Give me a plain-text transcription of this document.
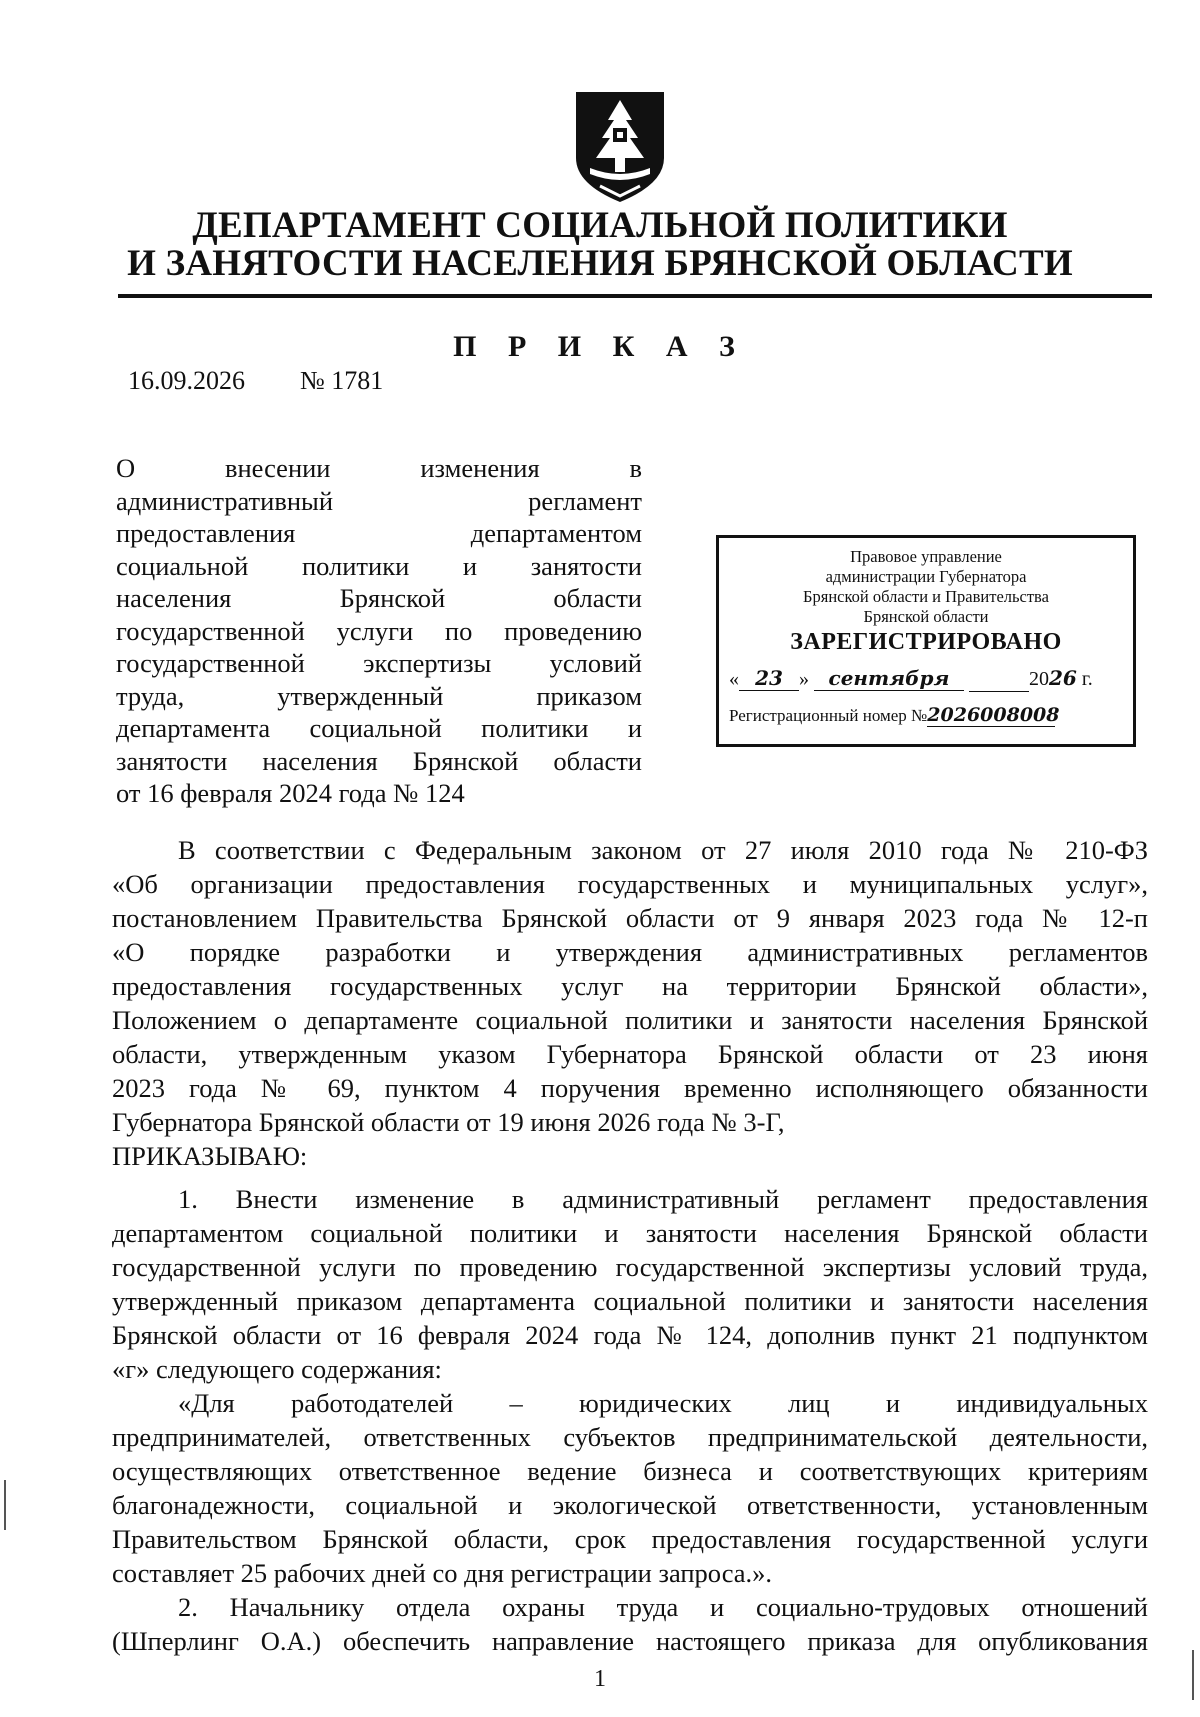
ДЕПАРТАМЕНТ СОЦИАЛЬНОЙ ПОЛИТИКИ
И ЗАНЯТОСТИ НАСЕЛЕНИЯ БРЯНСКОЙ ОБЛАСТИ
П Р И К А З
16.09.2026 № 1781
О внесении изменения в
административный регламент
предоставления департаментом
социальной политики и занятости
населения Брянской области
государственной услуги по проведению
государственной экспертизы условий
труда, утвержденный приказом
департамента социальной политики и
занятости населения Брянской области
от 16 февраля 2024 года № 124
Правовое управление
администрации Губернатора
Брянской области и Правительства
Брянской области
ЗАРЕГИСТРИРОВАНО
« 23 » сентября	2026 г.
Регистрационный номер №2026008008
В соответствии с Федеральным законом от 27 июля 2010 года № 210-ФЗ
«Об организации предоставления государственных и муниципальных услуг»,
постановлением Правительства Брянской области от 9 января 2023 года № 12-п
«О порядке разработки и утверждения административных регламентов
предоставления государственных услуг на территории Брянской области»,
Положением о департаменте социальной политики и занятости населения Брянской
области, утвержденным указом Губернатора Брянской области от 23 июня
2023 года № 69, пунктом 4 поручения временно исполняющего обязанности
Губернатора Брянской области от 19 июня 2026 года № 3-Г,
ПРИКАЗЫВАЮ:
1. Внести изменение в административный регламент предоставления
департаментом социальной политики и занятости населения Брянской области
государственной услуги по проведению государственной экспертизы условий труда,
утвержденный приказом департамента социальной политики и занятости населения
Брянской области от 16 февраля 2024 года № 124, дополнив пункт 21 подпунктом
«г» следующего содержания:
«Для работодателей – юридических лиц и индивидуальных
предпринимателей, ответственных субъектов предпринимательской деятельности,
осуществляющих ответственное ведение бизнеса и соответствующих критериям
благонадежности, социальной и экологической ответственности, установленным
Правительством Брянской области, срок предоставления государственной услуги
составляет 25 рабочих дней со дня регистрации запроса.».
2. Начальнику отдела охраны труда и социально-трудовых отношений
(Шперлинг О.А.) обеспечить направление настоящего приказа для опубликования
1
